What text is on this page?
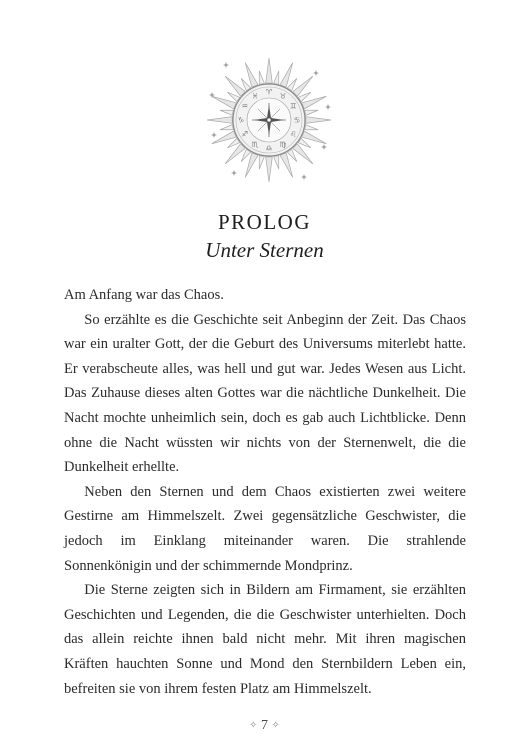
♈ ♉
♊
♋
♌
♍
♎
♏
♐
♑
♒
♓
PROLOG
Unter Sternen

Am Anfang war das Chaos.

So erzählte es die Geschichte seit Anbeginn der Zeit. Das Chaos war ein uralter Gott, der die Geburt des Universums miterlebt hatte. Er verabscheute alles, was hell und gut war. Jedes Wesen aus Licht. Das Zuhause dieses alten Gottes war die nächtliche Dunkelheit. Die Nacht mochte unheimlich sein, doch es gab auch Lichtblicke. Denn ohne die Nacht wüssten wir nichts von der Sternenwelt, die die Dunkelheit erhellte.

Neben den Sternen und dem Chaos existierten zwei weitere Gestirne am Himmelszelt. Zwei gegensätzliche Geschwister, die jedoch im Einklang miteinander waren. Die strahlende Sonnenkönigin und der schimmernde Mondprinz.

Die Sterne zeigten sich in Bildern am Firmament, sie erzählten Geschichten und Legenden, die die Geschwister unterhielten. Doch das allein reichte ihnen bald nicht mehr. Mit ihren magischen Kräften hauchten Sonne und Mond den Sternbildern Leben ein, befreiten sie von ihrem festen Platz am Himmelszelt.

✧ 7 ✧
